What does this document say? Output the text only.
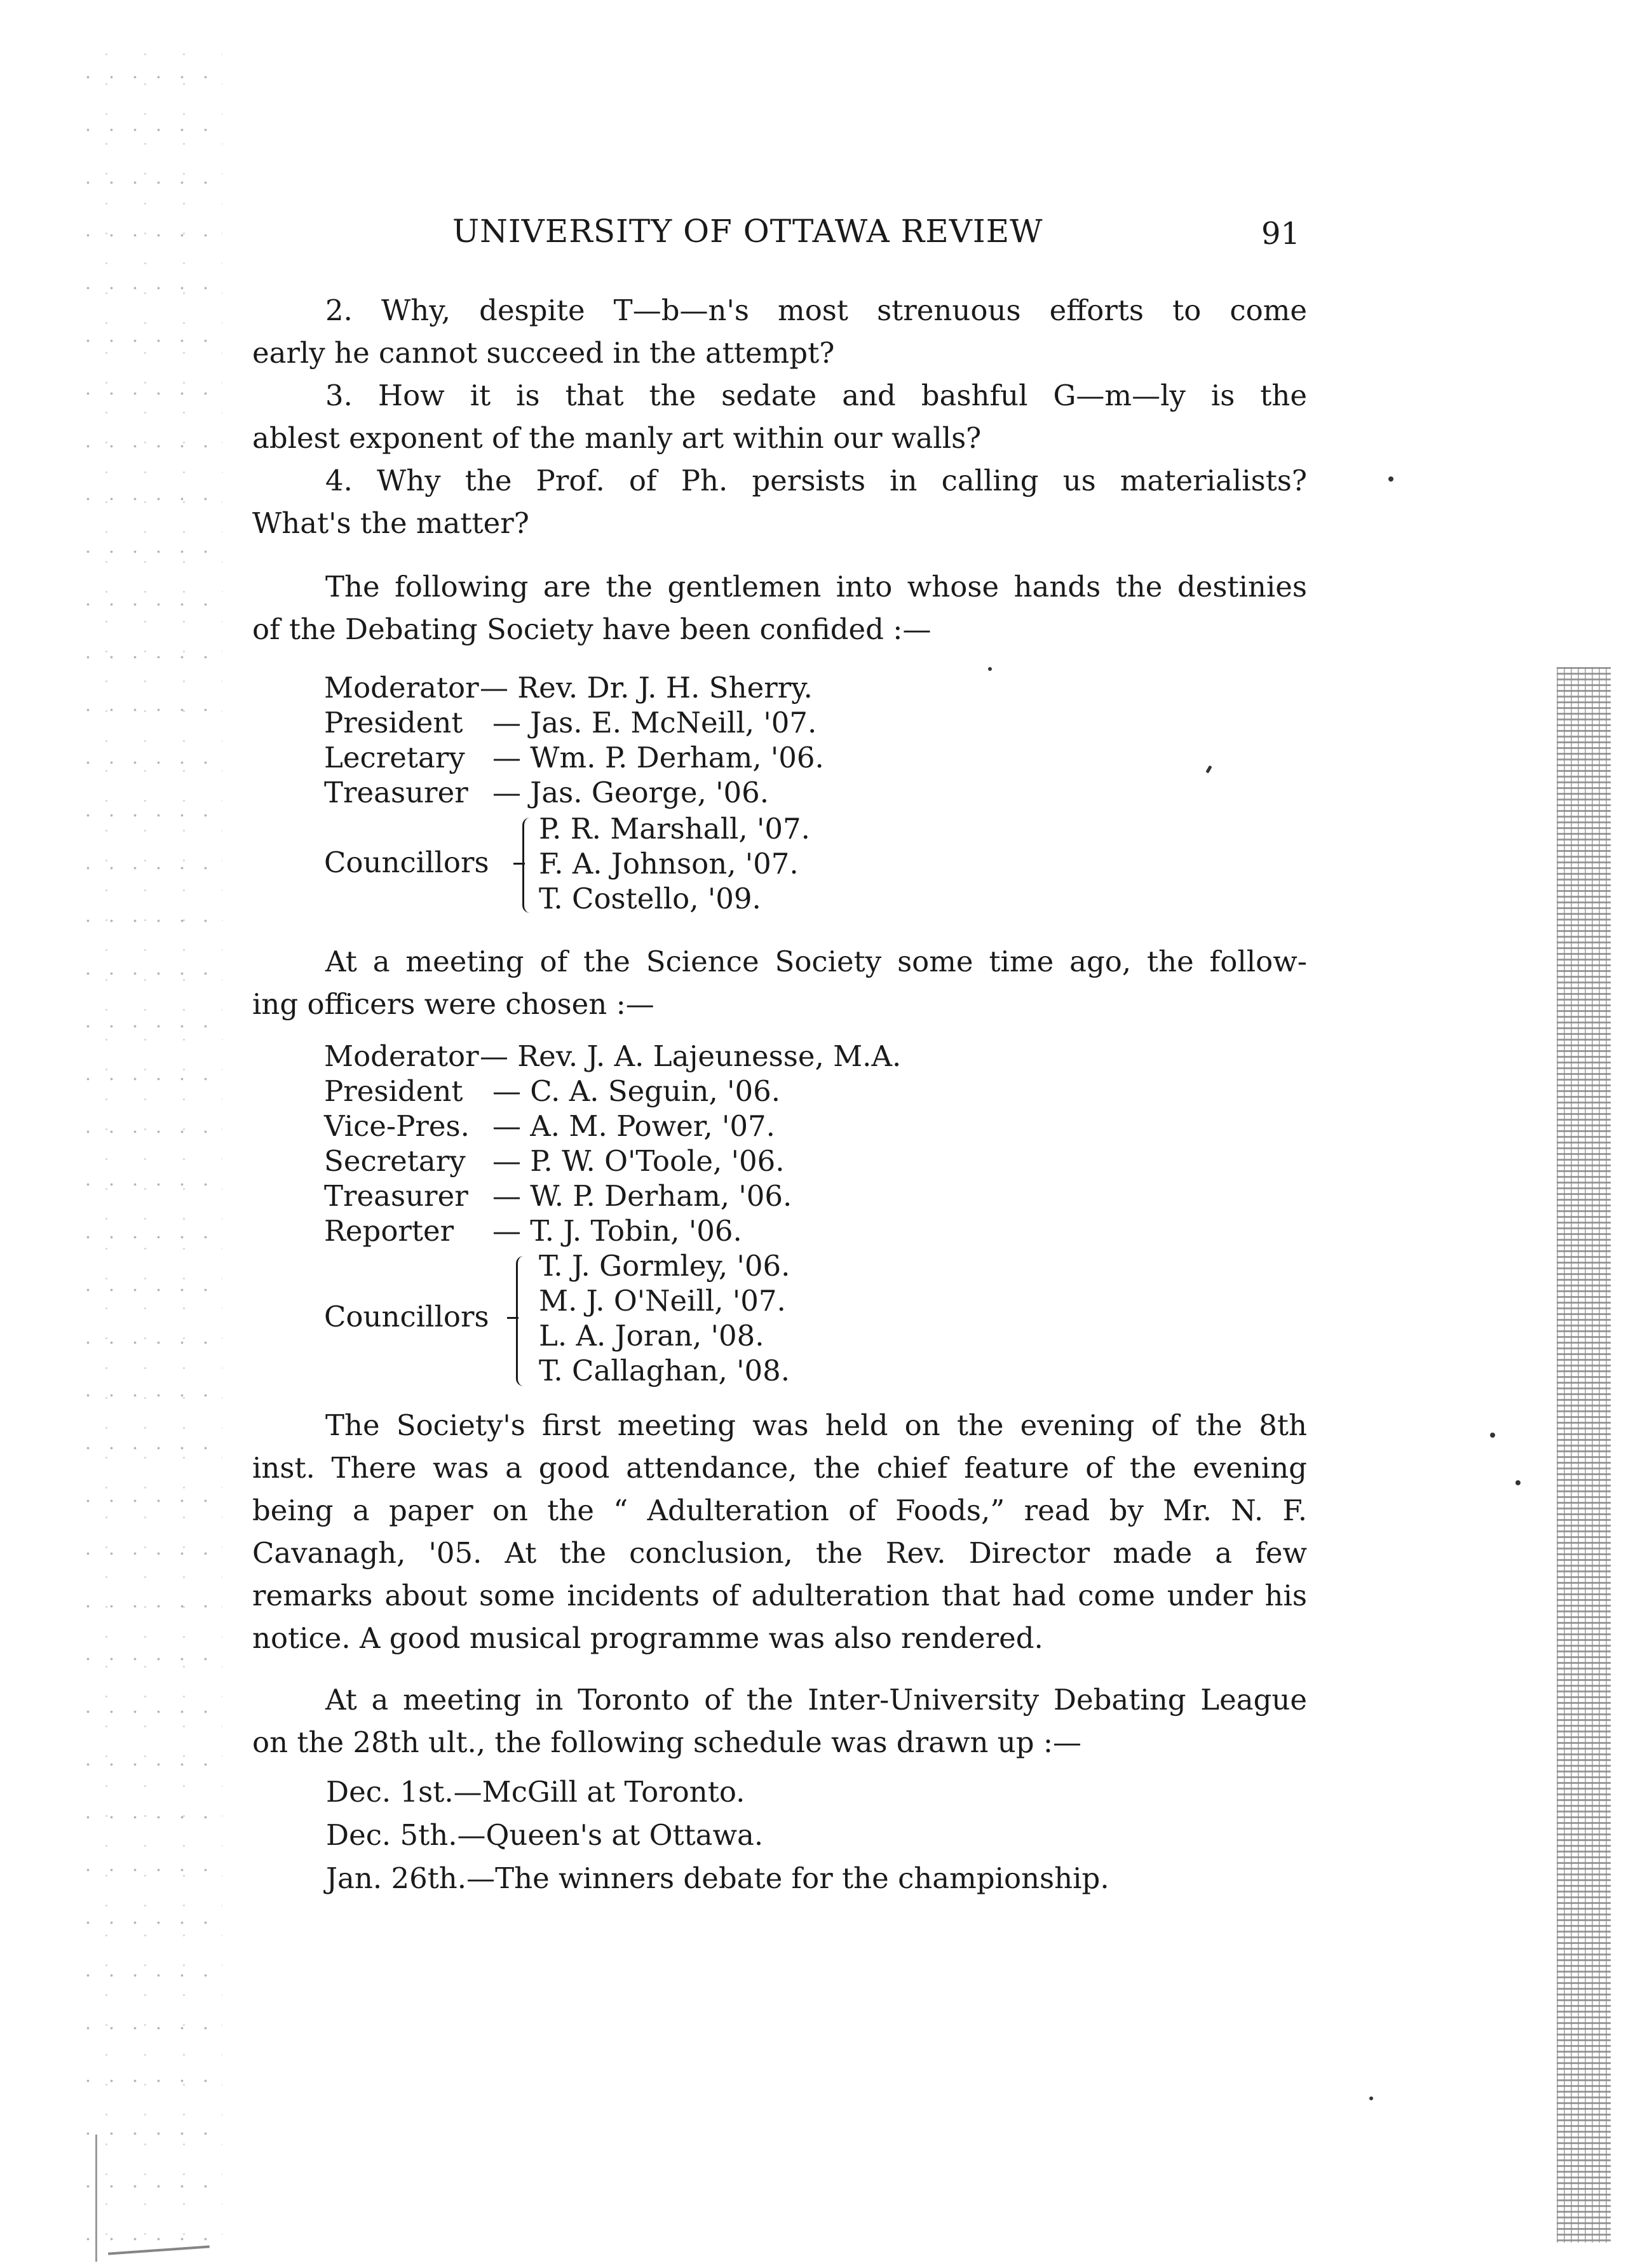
UNIVERSITY OF OTTAWA REVIEW	91
2. Why, despite T—b—n's most strenuous efforts to come
early he cannot succeed in the attempt?
3. How it is that the sedate and bashful G—m—ly is the
ablest exponent of the manly art within our walls?
4. Why the Prof. of Ph. persists in calling us materialists?
What's the matter?
The following are the gentlemen into whose hands the destinies
of the Debating Society have been confided :—
Moderator — Rev. Dr. J. H. Sherry.
President — Jas. E. McNeill, '07.
Lecretary — Wm. P. Derham, '06.
Treasurer — Jas. George, '06.
Councillors
P. R. Marshall, '07.
F. A. Johnson, '07.
T. Costello, '09.
At a meeting of the Science Society some time ago, the follow-
ing officers were chosen :—
Moderator — Rev. J. A. Lajeunesse, M.A.
President — C. A. Seguin, '06.
Vice-Pres. — A. M. Power, '07.
Secretary — P. W. O'Toole, '06.
Treasurer — W. P. Derham, '06.
Reporter — T. J. Tobin, '06.
Councillors
T. J. Gormley, '06.
M. J. O'Neill, '07.
L. A. Joran, '08.
T. Callaghan, '08.
The Society's first meeting was held on the evening of the 8th
inst. There was a good attendance, the chief feature of the evening
being a paper on the “ Adulteration of Foods,” read by Mr. N. F.
Cavanagh, '05. At the conclusion, the Rev. Director made a few
remarks about some incidents of adulteration that had come under his
notice. A good musical programme was also rendered.
At a meeting in Toronto of the Inter-University Debating League
on the 28th ult., the following schedule was drawn up :—
Dec. 1st.—McGill at Toronto.
Dec. 5th.—Queen's at Ottawa.
Jan. 26th.—The winners debate for the championship.
